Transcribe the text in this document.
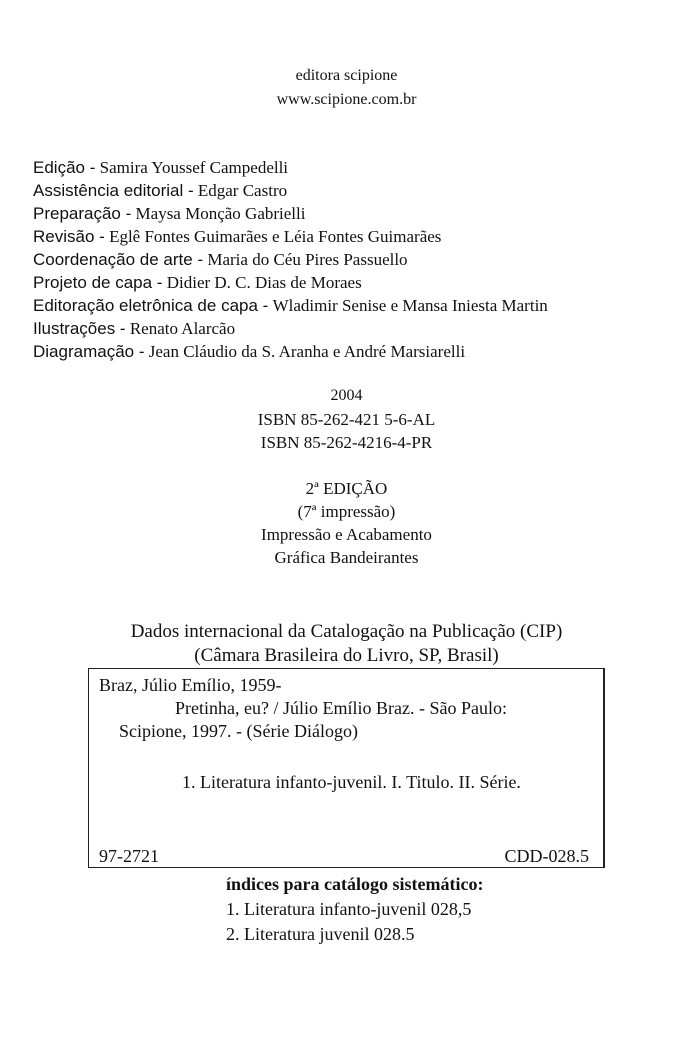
editora scipione
www.scipione.com.br
Edição - Samira Youssef Campedelli
Assistência editorial - Edgar Castro
Preparação - Maysa Monção Gabrielli
Revisão - Eglê Fontes Guimarães e Léia Fontes Guimarães
Coordenação de arte - Maria do Céu Pires Passuello
Projeto de capa - Didier D. C. Dias de Moraes
Editoração eletrônica de capa - Wladimir Senise e Mansa Iniesta Martin
Ilustrações - Renato Alarcão
Diagramação - Jean Cláudio da S. Aranha e André Marsiarelli
2004
ISBN 85-262-421 5-6-AL
ISBN 85-262-4216-4-PR
2ª EDIÇÃO
(7ª impressão)
Impressão e Acabamento
Gráfica Bandeirantes
Dados internacional da Catalogação na Publicação (CIP)
(Câmara Brasileira do Livro, SP, Brasil)
Braz, Júlio Emílio, 1959-
Pretinha, eu? / Júlio Emílio Braz. - São Paulo:
Scipione, 1997. - (Série Diálogo)
1. Literatura infanto-juvenil. I. Titulo. II. Série.
97-2721	CDD-028.5
índices para catálogo sistemático:
1. Literatura infanto-juvenil 028,5
2. Literatura juvenil 028.5
